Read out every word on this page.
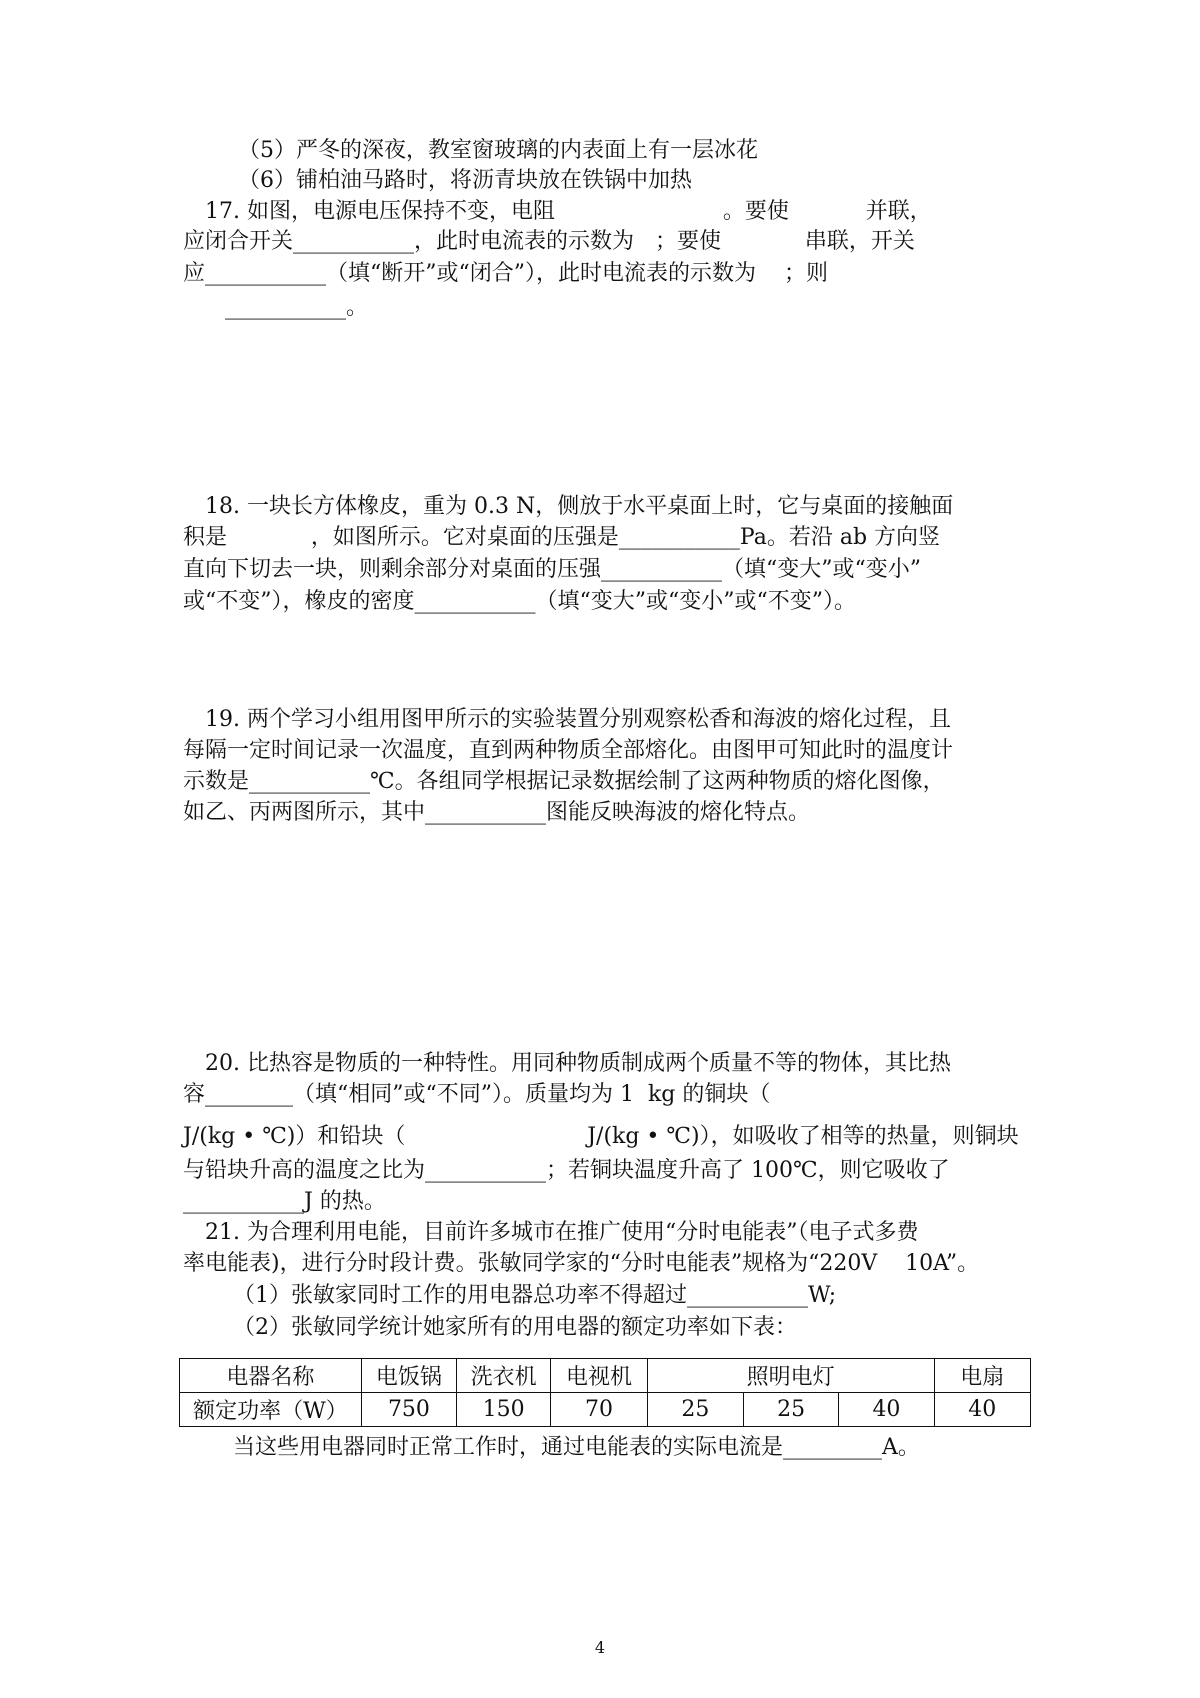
（5）严冬的深夜，教室窗玻璃的内表面上有一层冰花
（6）铺柏油马路时，将沥青块放在铁锅中加热
17. 如图，电源电压保持不变，电阻                        。要使           并联，
应闭合开关___________，此时电流表的示数为   ；要使            串联，开关
应___________（填“断开”或“闭合”），此时电流表的示数为    ；则
___________。
18. 一块长方体橡皮，重为 0.3 N，侧放于水平桌面上时，它与桌面的接触面
积是            ，如图所示。它对桌面的压强是___________Pa。若沿 ab 方向竖
直向下切去一块，则剩余部分对桌面的压强___________（填“变大”或“变小”
或“不变”），橡皮的密度___________（填“变大”或“变小”或“不变”）。
19. 两个学习小组用图甲所示的实验装置分别观察松香和海波的熔化过程，且
每隔一定时间记录一次温度，直到两种物质全部熔化。由图甲可知此时的温度计
示数是___________℃。各组同学根据记录数据绘制了这两种物质的熔化图像，
如乙、丙两图所示，其中___________图能反映海波的熔化特点。
20. 比热容是物质的一种特性。用同种物质制成两个质量不等的物体，其比热
容________（填“相同”或“不同”）。质量均为 1  kg 的铜块（
J/(kg • ℃)）和铅块（                          J/(kg • ℃)），如吸收了相等的热量，则铜块
与铅块升高的温度之比为___________；若铜块温度升高了 100℃，则它吸收了
___________J 的热。
21. 为合理利用电能，目前许多城市在推广使用“分时电能表”（电子式多费
率电能表)，进行分时段计费。张敏同学家的“分时电能表”规格为“220V    10A”。
（1）张敏家同时工作的用电器总功率不得超过___________W;
（2）张敏同学统计她家所有的用电器的额定功率如下表：
电器名称	电饭锅	洗衣机	电视机	照明电灯			电扇
额定功率（W）	750	150	70	25	25	40	40
当这些用电器同时正常工作时，通过电能表的实际电流是_________A。
4
